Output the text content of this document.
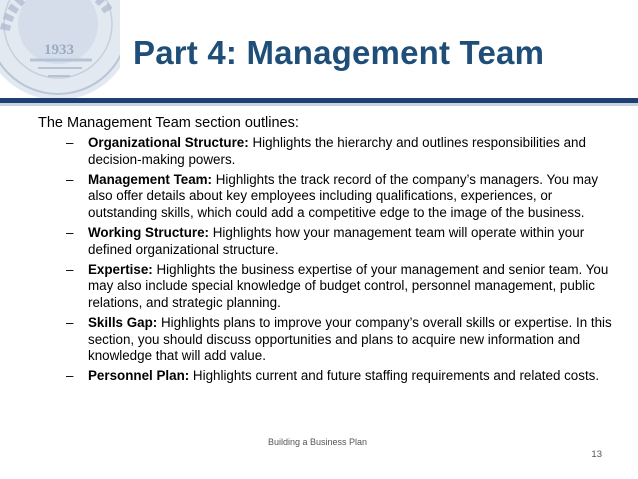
1933 Part 4: Management Team

The Management Team section outlines:

–	Organizational Structure: Highlights the hierarchy and outlines responsibilities and decision-making powers.
–	Management Team: Highlights the track record of the company’s managers. You may also offer details about key employees including qualifications, experiences, or outstanding skills, which could add a competitive edge to the image of the business.
–	Working Structure: Highlights how your management team will operate within your defined organizational structure.
–	Expertise: Highlights the business expertise of your management and senior team. You may also include special knowledge of budget control, personnel management, public relations, and strategic planning.
–	Skills Gap: Highlights plans to improve your company’s overall skills or expertise. In this section, you should discuss opportunities and plans to acquire new information and knowledge that will add value.
–	Personnel Plan: Highlights current and future staffing requirements and related costs.
Building a Business Plan
13
